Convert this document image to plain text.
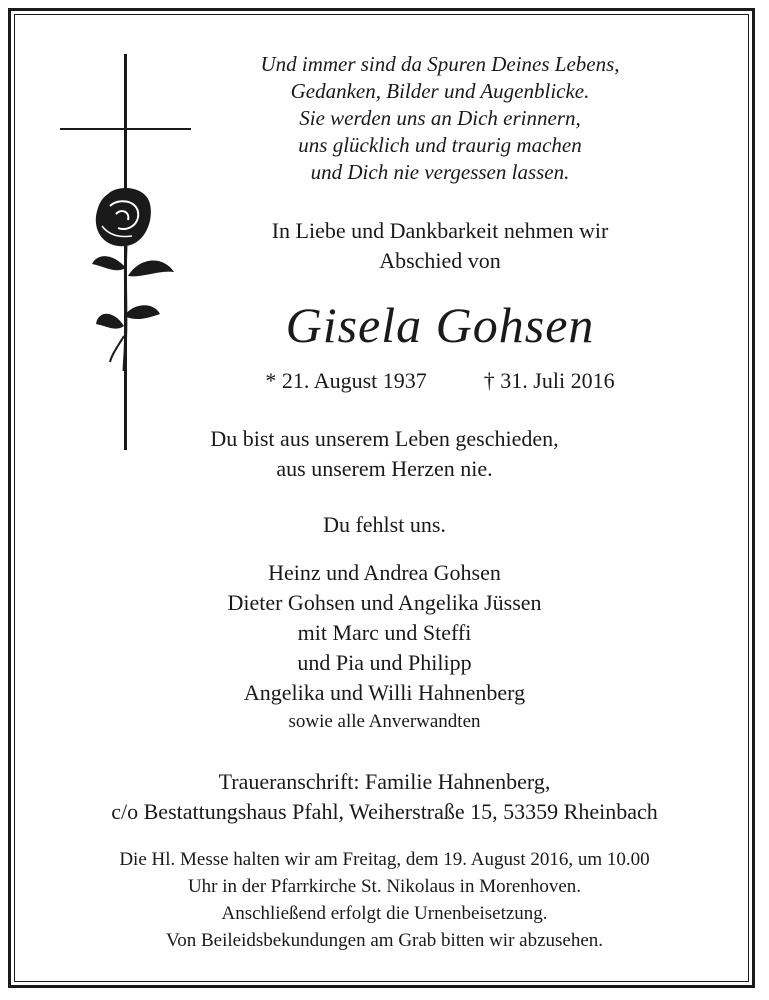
Und immer sind da Spuren Deines Lebens,
Gedanken, Bilder und Augenblicke.
Sie werden uns an Dich erinnern,
uns glücklich und traurig machen
und Dich nie vergessen lassen.
In Liebe und Dankbarkeit nehmen wir
Abschied von
Gisela Gohsen
* 21. August 1937	† 31. Juli 2016
Du bist aus unserem Leben geschieden,
aus unserem Herzen nie.
Du fehlst uns.
Heinz und Andrea Gohsen
Dieter Gohsen und Angelika Jüssen
mit Marc und Steffi
und Pia und Philipp
Angelika und Willi Hahnenberg
sowie alle Anverwandten
Traueranschrift: Familie Hahnenberg,
c/o Bestattungshaus Pfahl, Weiherstraße 15, 53359 Rheinbach
Die Hl. Messe halten wir am Freitag, dem 19. August 2016, um 10.00
Uhr in der Pfarrkirche St. Nikolaus in Morenhoven.
Anschließend erfolgt die Urnenbeisetzung.
Von Beileidsbekundungen am Grab bitten wir abzusehen.
